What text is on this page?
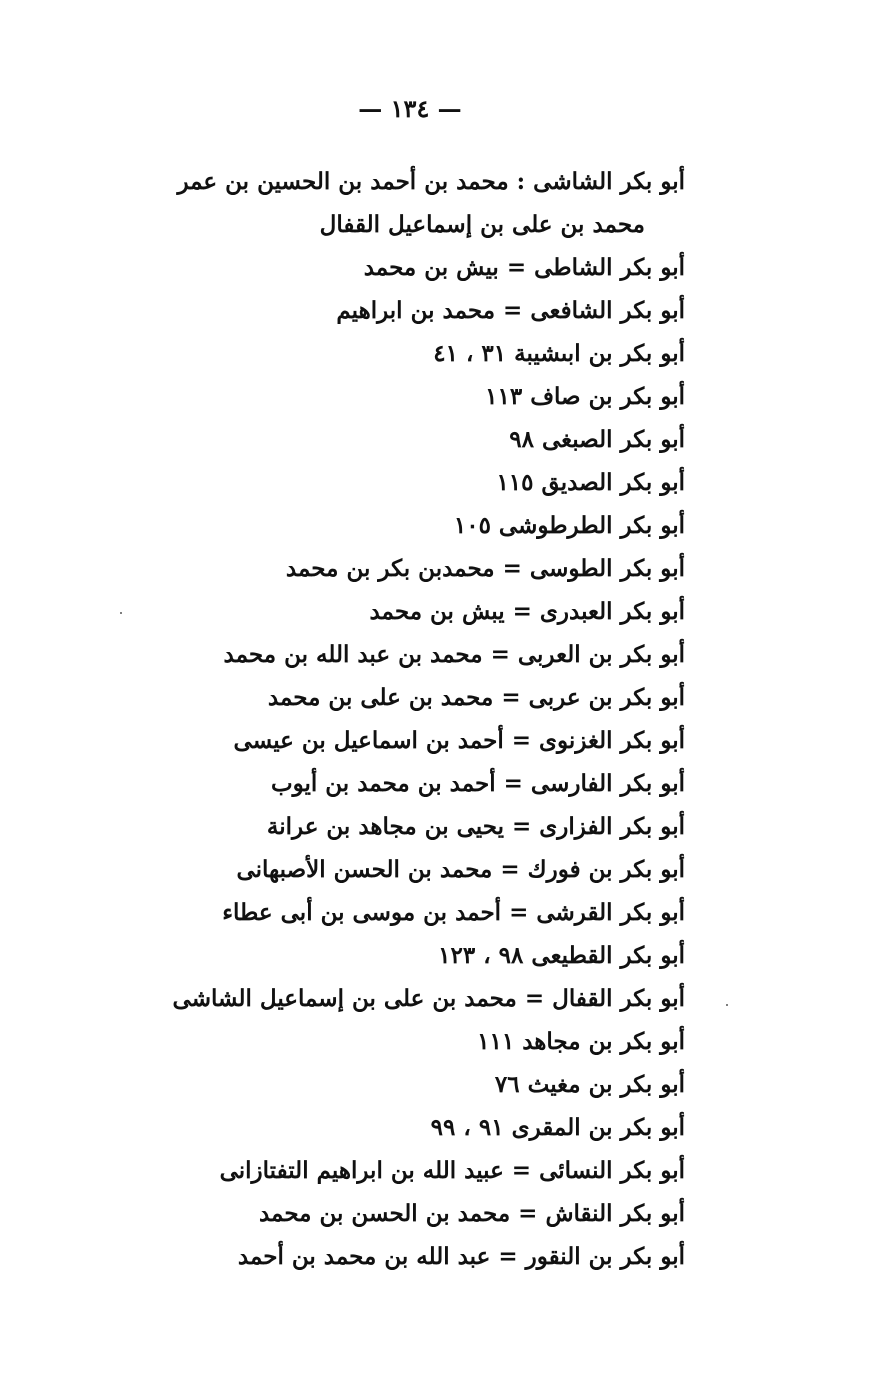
— ١٣٤ —
أبو بكر الشاشى : محمد بن أحمد بن الحسين بن عمر
محمد بن على بن إسماعيل القفال
أبو بكر الشاطى = بيش بن محمد
أبو بكر الشافعى = محمد بن ابراهيم
أبو بكر بن ابىشيبة ٣١ ، ٤١
أبو بكر بن صاف ١١٣
أبو بكر الصبغى ٩٨
أبو بكر الصديق ١١٥
أبو بكر الطرطوشى ١٠٥
أبو بكر الطوسى = محمدبن بكر بن محمد
أبو بكر العبدرى = يبش بن محمد
أبو بكر بن العربى = محمد بن عبد الله بن محمد
أبو بكر بن عربى = محمد بن على بن محمد
أبو بكر الغزنوى = أحمد بن اسماعيل بن عيسى
أبو بكر الفارسى = أحمد بن محمد بن أيوب
أبو بكر الفزارى = يحيى بن مجاهد بن عرانة
أبو بكر بن فورك = محمد بن الحسن الأصبهانى
أبو بكر القرشى = أحمد بن موسى بن أبى عطاء
أبو بكر القطيعى ٩٨ ، ١٢٣
أبو بكر القفال = محمد بن على بن إسماعيل الشاشى
أبو بكر بن مجاهد ١١١
أبو بكر بن مغيث ٧٦
أبو بكر بن المقرى ٩١ ، ٩٩
أبو بكر النسائى = عبيد الله بن ابراهيم التفتازانى
أبو بكر النقاش = محمد بن الحسن بن محمد
أبو بكر بن النقور = عبد الله بن محمد بن أحمد
